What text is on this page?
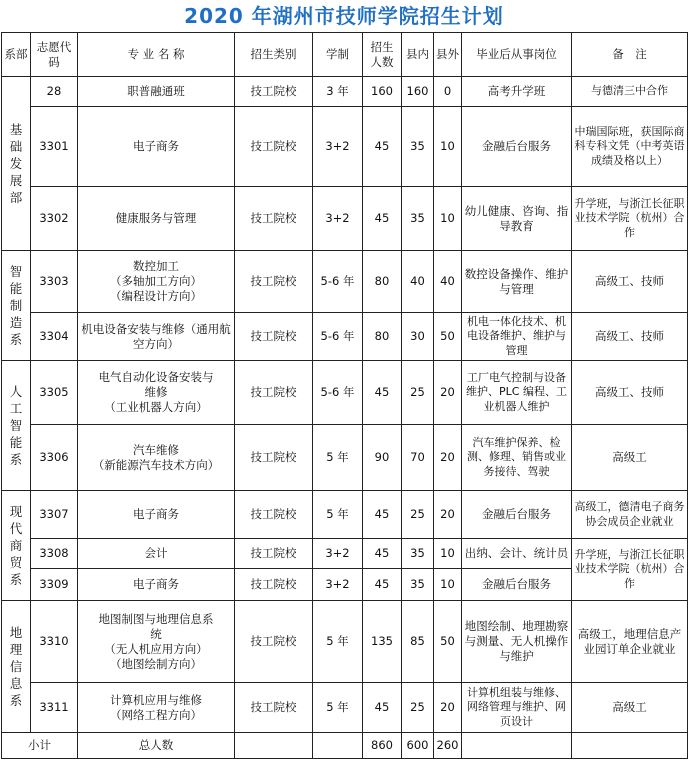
2020 年湖州市技师学院招生计划
系部	志愿代码	专 业 名 称	招生类别	学制	招生人数	县内	县外	毕业后从事岗位	备　注
基础发展部	28	职普融通班	技工院校	3 年	160	160	0	高考升学班	与德清三中合作
	3301	电子商务	技工院校	3+2	45	35	10	金融后台服务	中瑞国际班，获国际商科专科文凭（中考英语成绩及格以上）
	3302	健康服务与管理	技工院校	3+2	45	35	10	幼儿健康、咨询、指导教育	升学班，与浙江长征职业技术学院（杭州）合作
智能制造系	3303	数控加工
（多轴加工方向）
（编程设计方向）	技工院校	5-6 年	80	40	40	数控设备操作、维护与管理	高级工、技师
	3304	机电设备安装与维修（通用航空方向）	技工院校	5-6 年	80	30	50	机电一体化技术、机电设备维护、维护与管理	高级工、技师
人工智能系	3305	电气自动化设备安装与
维修
（工业机器人方向）	技工院校	5-6 年	45	25	20	工厂电气控制与设备维护、PLC 编程、工业机器人维护	高级工、技师
	3306	汽车维修
（新能源汽车技术方向）	技工院校	5 年	90	70	20	汽车维护保养、检测、修理、销售或业务接待、驾驶	高级工
现代商贸系	3307	电子商务	技工院校	5 年	45	25	20	金融后台服务	高级工，德清电子商务协会成员企业就业
	3308	会计	技工院校	3+2	45	35	10	出纳、会计、统计员	升学班，与浙江长征职业技术学院（杭州）合作
	3309	电子商务	技工院校	3+2	45	35	10	金融后台服务	
地理信息系	3310	地图制图与地理信息系
统
（无人机应用方向）
（地图绘制方向）	技工院校	5 年	135	85	50	地图绘制、地理勘察与测量、无人机操作与维护	高级工，地理信息产业园订单企业就业
	3311	计算机应用与维修
（网络工程方向）	技工院校	5 年	45	25	20	计算机组装与维修、网络管理与维护、网页设计	高级工
小计		总人数			860	600	260		
